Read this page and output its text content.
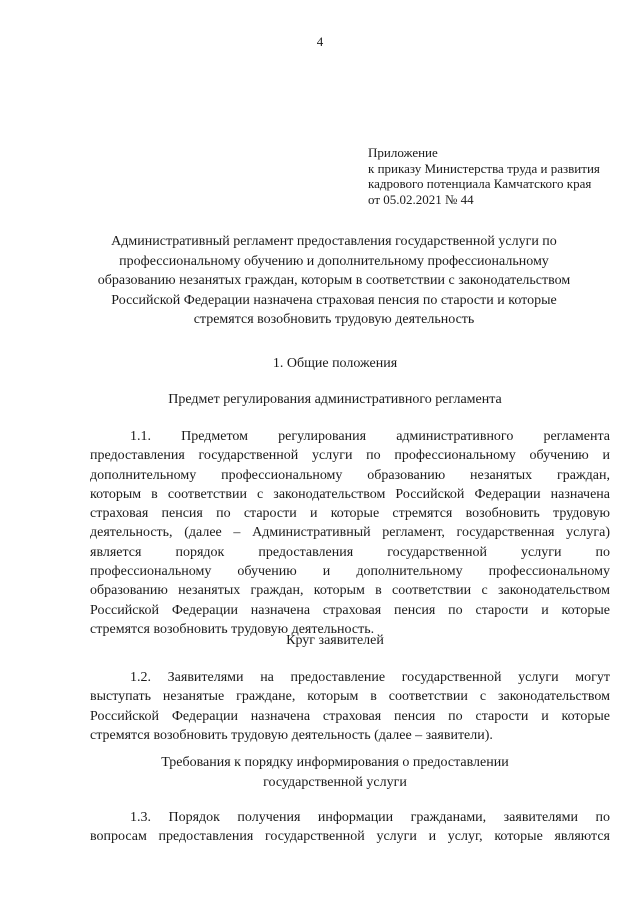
4
Приложение
к приказу Министерства труда и развития
кадрового потенциала Камчатского края
от 05.02.2021 № 44
Административный регламент предоставления государственной услуги по
профессиональному обучению и дополнительному профессиональному
образованию незанятых граждан, которым в соответствии с законодательством
Российской Федерации назначена страховая пенсия по старости и которые
стремятся возобновить трудовую деятельность
1. Общие положения
Предмет регулирования административного регламента
1.1. Предметом регулирования административного регламента
предоставления государственной услуги по профессиональному обучению и
дополнительному профессиональному образованию незанятых граждан,
которым в соответствии с законодательством Российской Федерации назначена
страховая пенсия по старости и которые стремятся возобновить трудовую
деятельность, (далее – Административный регламент, государственная услуга)
является порядок предоставления государственной услуги по
профессиональному обучению и дополнительному профессиональному
образованию незанятых граждан, которым в соответствии с законодательством
Российской Федерации назначена страховая пенсия по старости и которые
стремятся возобновить трудовую деятельность.
Круг заявителей
1.2. Заявителями на предоставление государственной услуги могут
выступать незанятые граждане, которым в соответствии с законодательством
Российской Федерации назначена страховая пенсия по старости и которые
стремятся возобновить трудовую деятельность (далее – заявители).
Требования к порядку информирования о предоставлении
государственной услуги
1.3. Порядок получения информации гражданами, заявителями по
вопросам предоставления государственной услуги и услуг, которые являются
